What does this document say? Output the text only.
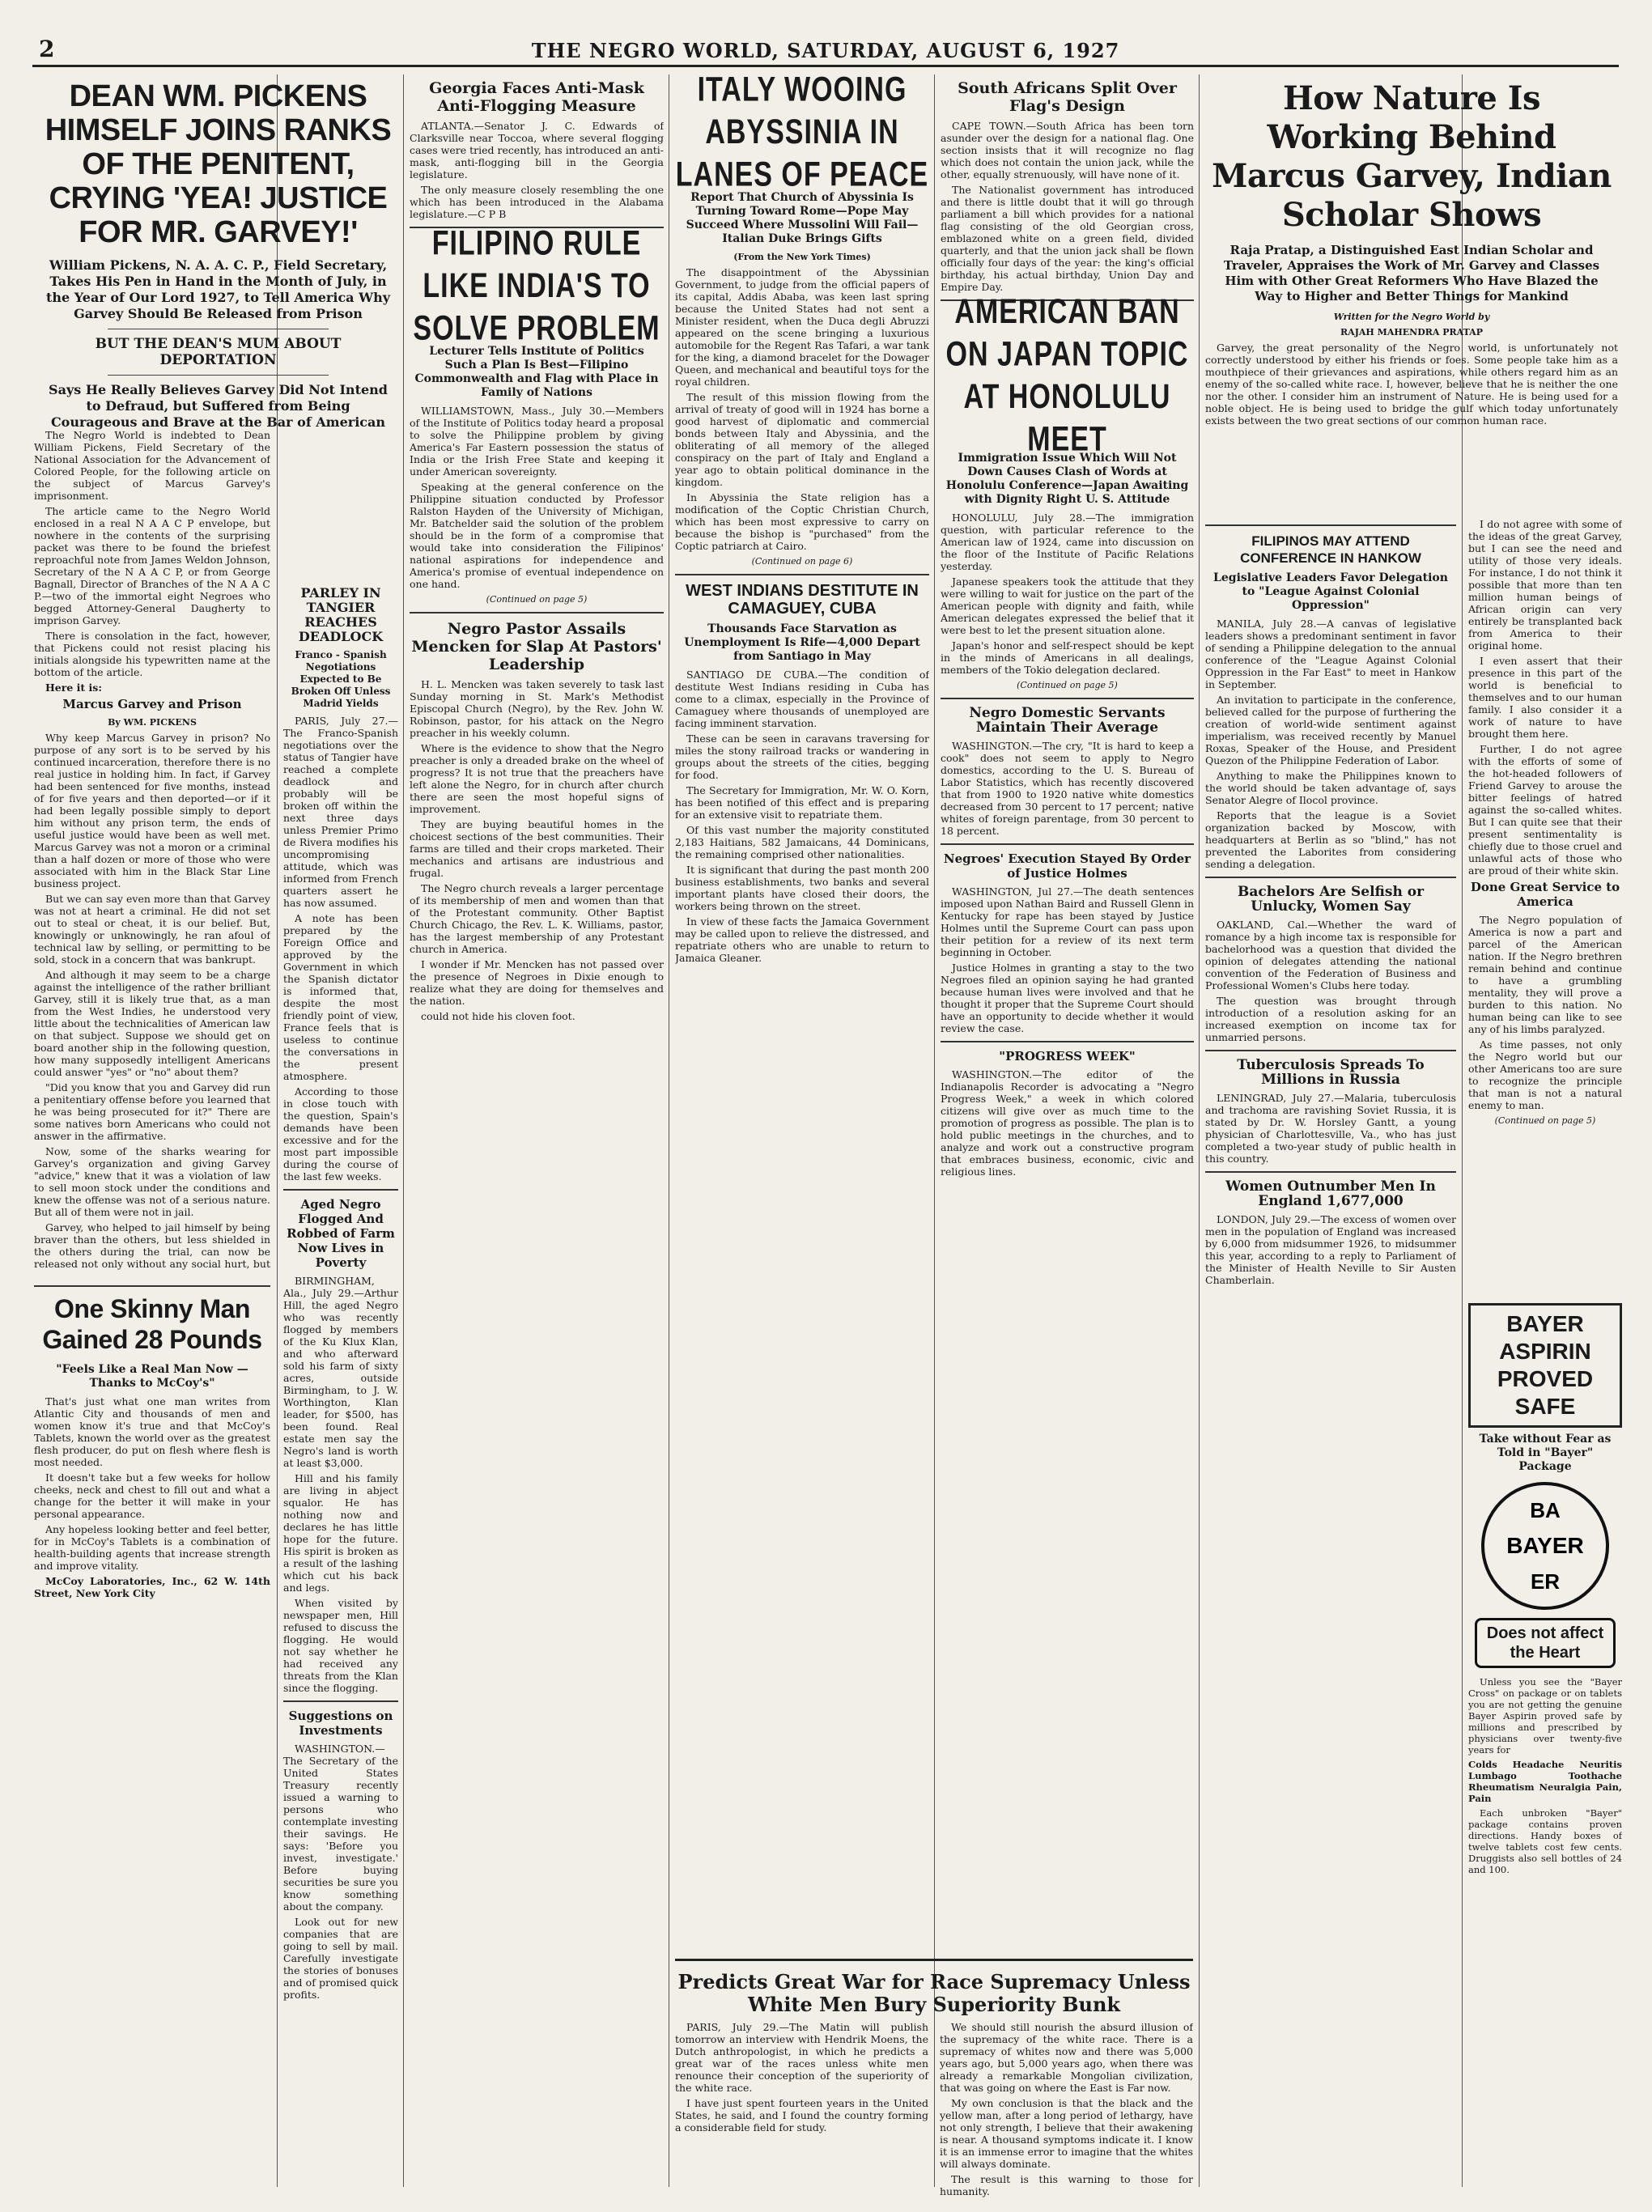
2	THE NEGRO WORLD, SATURDAY, AUGUST 6, 1927
DEAN WM. PICKENS HIMSELF JOINS RANKS OF THE PENITENT, CRYING 'YEA! JUSTICE FOR MR. GARVEY!'
William Pickens, N. A. A. C. P., Field Secretary, Takes His Pen in Hand in the Month of July, in the Year of Our Lord 1927, to Tell America Why Garvey Should Be Released from Prison
BUT THE DEAN'S MUM ABOUT DEPORTATION
Says He Really Believes Garvey Did Not Intend to Defraud, but Suffered from Being Courageous and Brave at the Bar of American

The Negro World is indebted to Dean William Pickens, Field Secretary of the National Association for the Advancement of Colored People, for the following article on the subject of Marcus Garvey's imprisonment.

The article came to the Negro World enclosed in a real N A A C P envelope, but nowhere in the contents of the surprising packet was there to be found the briefest reproachful note from James Weldon Johnson, Secretary of the N A A C P, or from George Bagnall, Director of Branches of the N A A C P.—two of the immortal eight Negroes who begged Attorney-General Daugherty to imprison Garvey.

There is consolation in the fact, however, that Pickens could not resist placing his initials alongside his typewritten name at the bottom of the article.

Here it is:

Marcus Garvey and Prison
By WM. PICKENS

Why keep Marcus Garvey in prison? No purpose of any sort is to be served by his continued incarceration, therefore there is no real justice in holding him. In fact, if Garvey had been sentenced for five months, instead of for five years and then deported—or if it had been legally possible simply to deport him without any prison term, the ends of useful justice would have been as well met. Marcus Garvey was not a moron or a criminal than a half dozen or more of those who were associated with him in the Black Star Line business project.

But we can say even more than that Garvey was not at heart a criminal. He did not set out to steal or cheat, it is our belief. But, knowingly or unknowingly, he ran afoul of technical law by selling, or permitting to be sold, stock in a concern that was bankrupt.

And although it may seem to be a charge against the intelligence of the rather brilliant Garvey, still it is likely true that, as a man from the West Indies, he understood very little about the technicalities of American law on that subject. Suppose we should get on board another ship in the following question, how many supposedly intelligent Americans could answer "yes" or "no" about them?

"Did you know that you and Garvey did run a penitentiary offense before you learned that he was being prosecuted for it?" There are some natives born Americans who could not answer in the affirmative.

Now, some of the sharks wearing for Garvey's organization and giving Garvey "advice," knew that it was a violation of law to sell moon stock under the conditions and knew the offense was not of a serious nature. But all of them were not in jail.

Garvey, who helped to jail himself by being braver than the others, but less shielded in the others during the trial, can now be released not only without any social hurt, but

One Skinny Man Gained 28 Pounds
"Feels Like a Real Man Now —Thanks to McCoy's"

That's just what one man writes from Atlantic City and thousands of men and women know it's true and that McCoy's Tablets, known the world over as the greatest flesh producer, do put on flesh where flesh is most needed.

It doesn't take but a few weeks for hollow cheeks, neck and chest to fill out and what a change for the better it will make in your personal appearance.

Any hopeless looking better and feel better, for in McCoy's Tablets is a combination of health-building agents that increase strength and improve vitality.

McCoy Laboratories, Inc., 62 W. 14th Street, New York City

Georgia Faces Anti-Mask Anti-Flogging Measure

ATLANTA.—Senator J. C. Edwards of Clarksville near Toccoa, where several flogging cases were tried recently, has introduced an anti-mask, anti-flogging bill in the Georgia legislature.

The only measure closely resembling the one which has been introduced in the Alabama legislature.—C P B

FILIPINO RULE LIKE INDIA'S TO SOLVE PROBLEM
Lecturer Tells Institute of Politics Such a Plan Is Best—Filipino Commonwealth and Flag with Place in Family of Nations

WILLIAMSTOWN, Mass., July 30.—Members of the Institute of Politics today heard a proposal to solve the Philippine problem by giving America's Far Eastern possession the status of India or the Irish Free State and keeping it under American sovereignty.

Speaking at the general conference on the Philippine situation conducted by Professor Ralston Hayden of the University of Michigan, Mr. Batchelder said the solution of the problem should be in the form of a compromise that would take into consideration the Filipinos' national aspirations for independence and America's promise of eventual independence on one hand.

(Continued on page 5)
Negro Pastor Assails Mencken for Slap At Pastors' Leadership

H. L. Mencken was taken severely to task last Sunday morning in St. Mark's Methodist Episcopal Church (Negro), by the Rev. John W. Robinson, pastor, for his attack on the Negro preacher in his weekly column.

Where is the evidence to show that the Negro preacher is only a dreaded brake on the wheel of progress? It is not true that the preachers have left alone the Negro, for in church after church there are seen the most hopeful signs of improvement.

They are buying beautiful homes in the choicest sections of the best communities. Their farms are tilled and their crops marketed. Their mechanics and artisans are industrious and frugal.

The Negro church reveals a larger percentage of its membership of men and women than that of the Protestant community. Other Baptist Church Chicago, the Rev. L. K. Williams, pastor, has the largest membership of any Protestant church in America.

I wonder if Mr. Mencken has not passed over the presence of Negroes in Dixie enough to realize what they are doing for themselves and the nation.

could not hide his cloven foot.

PARLEY IN TANGIER REACHES DEADLOCK
Franco - Spanish Negotiations Expected to Be Broken Off Unless Madrid Yields

PARIS, July 27.—The Franco-Spanish negotiations over the status of Tangier have reached a complete deadlock and probably will be broken off within the next three days unless Premier Primo de Rivera modifies his uncompromising attitude, which was informed from French quarters assert he has now assumed.

A note has been prepared by the Foreign Office and approved by the Government in which the Spanish dictator is informed that, despite the most friendly point of view, France feels that is useless to continue the conversations in the present atmosphere.

According to those in close touch with the question, Spain's demands have been excessive and for the most part impossible during the course of the last few weeks.

Aged Negro Flogged And Robbed of Farm Now Lives in Poverty

BIRMINGHAM, Ala., July 29.—Arthur Hill, the aged Negro who was recently flogged by members of the Ku Klux Klan, and who afterward sold his farm of sixty acres, outside Birmingham, to J. W. Worthington, Klan leader, for $500, has been found. Real estate men say the Negro's land is worth at least $3,000.

Hill and his family are living in abject squalor. He has nothing now and declares he has little hope for the future. His spirit is broken as a result of the lashing which cut his back and legs.

When visited by newspaper men, Hill refused to discuss the flogging. He would not say whether he had received any threats from the Klan since the flogging.

Suggestions on Investments

WASHINGTON.—The Secretary of the United States Treasury recently issued a warning to persons who contemplate investing their savings. He says: 'Before you invest, investigate.' Before buying securities be sure you know something about the company.

Look out for new companies that are going to sell by mail. Carefully investigate the stories of bonuses and of promised quick profits.

ITALY WOOING ABYSSINIA IN LANES OF PEACE
Report That Church of Abyssinia Is Turning Toward Rome—Pope May Succeed Where Mussolini Will Fail—Italian Duke Brings Gifts
(From the New York Times)

The disappointment of the Abyssinian Government, to judge from the official papers of its capital, Addis Ababa, was keen last spring because the United States had not sent a Minister resident, when the Duca degli Abruzzi appeared on the scene bringing a luxurious automobile for the Regent Ras Tafari, a war tank for the king, a diamond bracelet for the Dowager Queen, and mechanical and beautiful toys for the royal children.

The result of this mission flowing from the arrival of treaty of good will in 1924 has borne a good harvest of diplomatic and commercial bonds between Italy and Abyssinia, and the obliterating of all memory of the alleged conspiracy on the part of Italy and England a year ago to obtain political dominance in the kingdom.

In Abyssinia the State religion has a modification of the Coptic Christian Church, which has been most expressive to carry on because the bishop is "purchased" from the Coptic patriarch at Cairo.

(Continued on page 6)
WEST INDIANS DESTITUTE IN CAMAGUEY, CUBA
Thousands Face Starvation as Unemployment Is Rife—4,000 Depart from Santiago in May

SANTIAGO DE CUBA.—The condition of destitute West Indians residing in Cuba has come to a climax, especially in the Province of Camaguey where thousands of unemployed are facing imminent starvation.

These can be seen in caravans traversing for miles the stony railroad tracks or wandering in groups about the streets of the cities, begging for food.

The Secretary for Immigration, Mr. W. O. Korn, has been notified of this effect and is preparing for an extensive visit to repatriate them.

Of this vast number the majority constituted 2,183 Haitians, 582 Jamaicans, 44 Dominicans, the remaining comprised other nationalities.

It is significant that during the past month 200 business establishments, two banks and several important plants have closed their doors, the workers being thrown on the street.

In view of these facts the Jamaica Government may be called upon to relieve the distressed, and repatriate others who are unable to return to Jamaica Gleaner.

South Africans Split Over Flag's Design

CAPE TOWN.—South Africa has been torn asunder over the design for a national flag. One section insists that it will recognize no flag which does not contain the union jack, while the other, equally strenuously, will have none of it.

The Nationalist government has introduced and there is little doubt that it will go through parliament a bill which provides for a national flag consisting of the old Georgian cross, emblazoned white on a green field, divided quarterly, and that the union jack shall be flown officially four days of the year: the king's official birthday, his actual birthday, Union Day and Empire Day.

AMERICAN BAN ON JAPAN TOPIC AT HONOLULU MEET
Immigration Issue Which Will Not Down Causes Clash of Words at Honolulu Conference—Japan Awaiting with Dignity Right U. S. Attitude

HONOLULU, July 28.—The immigration question, with particular reference to the American law of 1924, came into discussion on the floor of the Institute of Pacific Relations yesterday.

Japanese speakers took the attitude that they were willing to wait for justice on the part of the American people with dignity and faith, while American delegates expressed the belief that it were best to let the present situation alone.

Japan's honor and self-respect should be kept in the minds of Americans in all dealings, members of the Tokio delegation declared.

(Continued on page 5)
Negro Domestic Servants Maintain Their Average

WASHINGTON.—The cry, "It is hard to keep a cook" does not seem to apply to Negro domestics, according to the U. S. Bureau of Labor Statistics, which has recently discovered that from 1900 to 1920 native white domestics decreased from 30 percent to 17 percent; native whites of foreign parentage, from 30 percent to 18 percent.

Negroes' Execution Stayed By Order of Justice Holmes

WASHINGTON, Jul 27.—The death sentences imposed upon Nathan Baird and Russell Glenn in Kentucky for rape has been stayed by Justice Holmes until the Supreme Court can pass upon their petition for a review of its next term beginning in October.

Justice Holmes in granting a stay to the two Negroes filed an opinion saying he had granted because human lives were involved and that he thought it proper that the Supreme Court should have an opportunity to decide whether it would review the case.

"PROGRESS WEEK"

WASHINGTON.—The editor of the Indianapolis Recorder is advocating a "Negro Progress Week," a week in which colored citizens will give over as much time to the promotion of progress as possible. The plan is to hold public meetings in the churches, and to analyze and work out a constructive program that embraces business, economic, civic and religious lines.

Predicts Great War for Race Supremacy Unless White Men Bury Superiority Bunk

PARIS, July 29.—The Matin will publish tomorrow an interview with Hendrik Moens, the Dutch anthropologist, in which he predicts a great war of the races unless white men renounce their conception of the superiority of the white race.

I have just spent fourteen years in the United States, he said, and I found the country forming a considerable field for study.

We should still nourish the absurd illusion of the supremacy of the white race. There is a supremacy of whites now and there was 5,000 years ago, but 5,000 years ago, when there was already a remarkable Mongolian civilization, that was going on where the East is Far now.

My own conclusion is that the black and the yellow man, after a long period of lethargy, have not only strength, I believe that their awakening is near. A thousand symptoms indicate it. I know it is an immense error to imagine that the whites will always dominate.

The result is this warning to those for humanity.

How Nature Is Working Behind Marcus Garvey, Indian Scholar Shows
Raja Pratap, a Distinguished East Indian Scholar and Traveler, Appraises the Work of Mr. Garvey and Classes Him with Other Great Reformers Who Have Blazed the Way to Higher and Better Things for Mankind
Written for the Negro World by
RAJAH MAHENDRA PRATAP

Garvey, the great personality of the Negro world, is unfortunately not correctly understood by either his friends or foes. Some people take him as a mouthpiece of their grievances and aspirations, while others regard him as an enemy of the so-called white race. I, however, believe that he is neither the one nor the other. I consider him an instrument of Nature. He is being used for a noble object. He is being used to bridge the gulf which today unfortunately exists between the two great sections of our common human race.

FILIPINOS MAY ATTEND CONFERENCE IN HANKOW
Legislative Leaders Favor Delegation to "League Against Colonial Oppression"

MANILA, July 28.—A canvas of legislative leaders shows a predominant sentiment in favor of sending a Philippine delegation to the annual conference of the "League Against Colonial Oppression in the Far East" to meet in Hankow in September.

An invitation to participate in the conference, believed called for the purpose of furthering the creation of world-wide sentiment against imperialism, was received recently by Manuel Roxas, Speaker of the House, and President Quezon of the Philippine Federation of Labor.

Anything to make the Philippines known to the world should be taken advantage of, says Senator Alegre of Ilocol province.

Reports that the league is a Soviet organization backed by Moscow, with headquarters at Berlin as so "blind," has not prevented the Laborites from considering sending a delegation.

Bachelors Are Selfish or Unlucky, Women Say

OAKLAND, Cal.—Whether the ward of romance by a high income tax is responsible for bachelorhood was a question that divided the opinion of delegates attending the national convention of the Federation of Business and Professional Women's Clubs here today.

The question was brought through introduction of a resolution asking for an increased exemption on income tax for unmarried persons.

Tuberculosis Spreads To Millions in Russia

LENINGRAD, July 27.—Malaria, tuberculosis and trachoma are ravishing Soviet Russia, it is stated by Dr. W. Horsley Gantt, a young physician of Charlottesville, Va., who has just completed a two-year study of public health in this country.

Women Outnumber Men In England 1,677,000

LONDON, July 29.—The excess of women over men in the population of England was increased by 6,000 from midsummer 1926, to midsummer this year, according to a reply to Parliament of the Minister of Health Neville to Sir Austen Chamberlain.

I do not agree with some of the ideas of the great Garvey, but I can see the need and utility of those very ideals. For instance, I do not think it possible that more than ten million human beings of African origin can very entirely be transplanted back from America to their original home.

I even assert that their presence in this part of the world is beneficial to themselves and to our human family. I also consider it a work of nature to have brought them here.

Further, I do not agree with the efforts of some of the hot-headed followers of Friend Garvey to arouse the bitter feelings of hatred against the so-called whites. But I can quite see that their present sentimentality is chiefly due to those cruel and unlawful acts of those who are proud of their white skin.

Done Great Service to America

The Negro population of America is now a part and parcel of the American nation. If the Negro brethren remain behind and continue to have a grumbling mentality, they will prove a burden to this nation. No human being can like to see any of his limbs paralyzed.

As time passes, not only the Negro world but our other Americans too are sure to recognize the principle that man is not a natural enemy to man.

(Continued on page 5)
BAYER ASPIRIN PROVED SAFE
Take without Fear as Told in "Bayer" Package
BA
BAYER
ER
Does not affect the Heart

Unless you see the "Bayer Cross" on package or on tablets you are not getting the genuine Bayer Aspirin proved safe by millions and prescribed by physicians over twenty-five years for

Colds Headache Neuritis Lumbago Toothache Rheumatism Neuralgia Pain, Pain

Each unbroken "Bayer" package contains proven directions. Handy boxes of twelve tablets cost few cents. Druggists also sell bottles of 24 and 100.
